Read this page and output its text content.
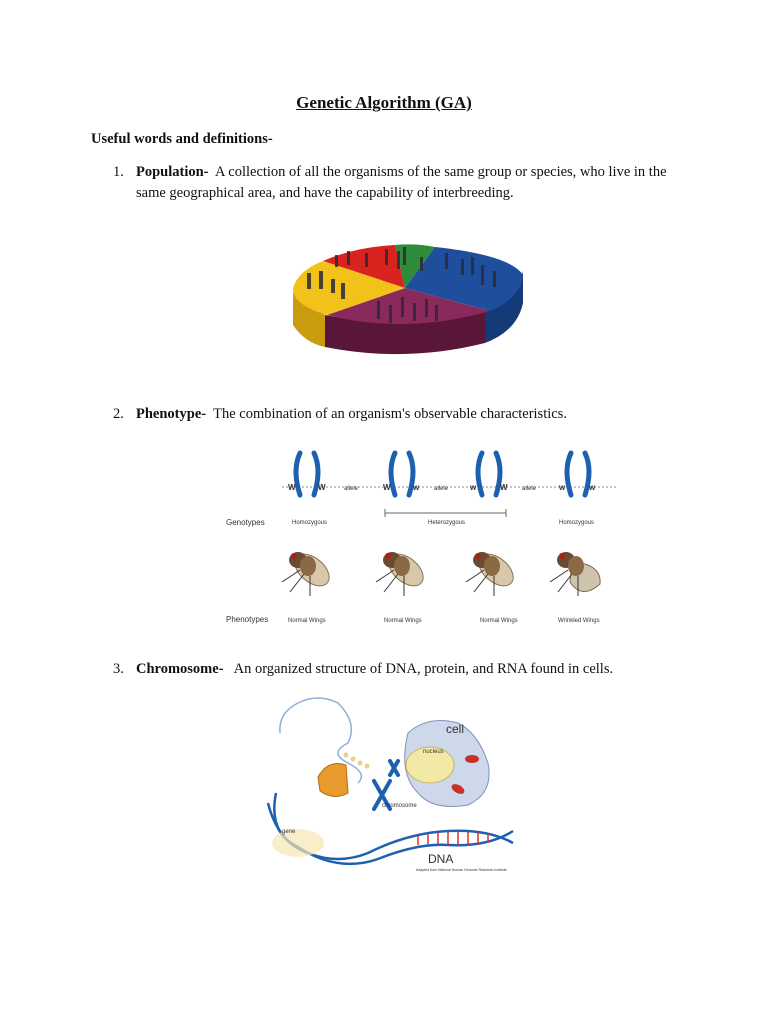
Genetic Algorithm (GA)
Useful words and definitions-
1. Population- A collection of all the organisms of the same group or species, who live in the same geographical area, and have the capability of interbreeding.
2. Phenotype- The combination of an organism's observable characteristics.
W	W	W	w	w	W	w	w
allele	allele	allele
Genotypes	Homozygous	Heterozygous	Homozygous
Phenotypes	Normal Wings	Normal Wings	Normal Wings	Wrinkled Wings
3. Chromosome- An organized structure of DNA, protein, and RNA found in cells.
cell
nucleus
chromosome
gene
DNA
Adapted from National Human Genome Research Institute
